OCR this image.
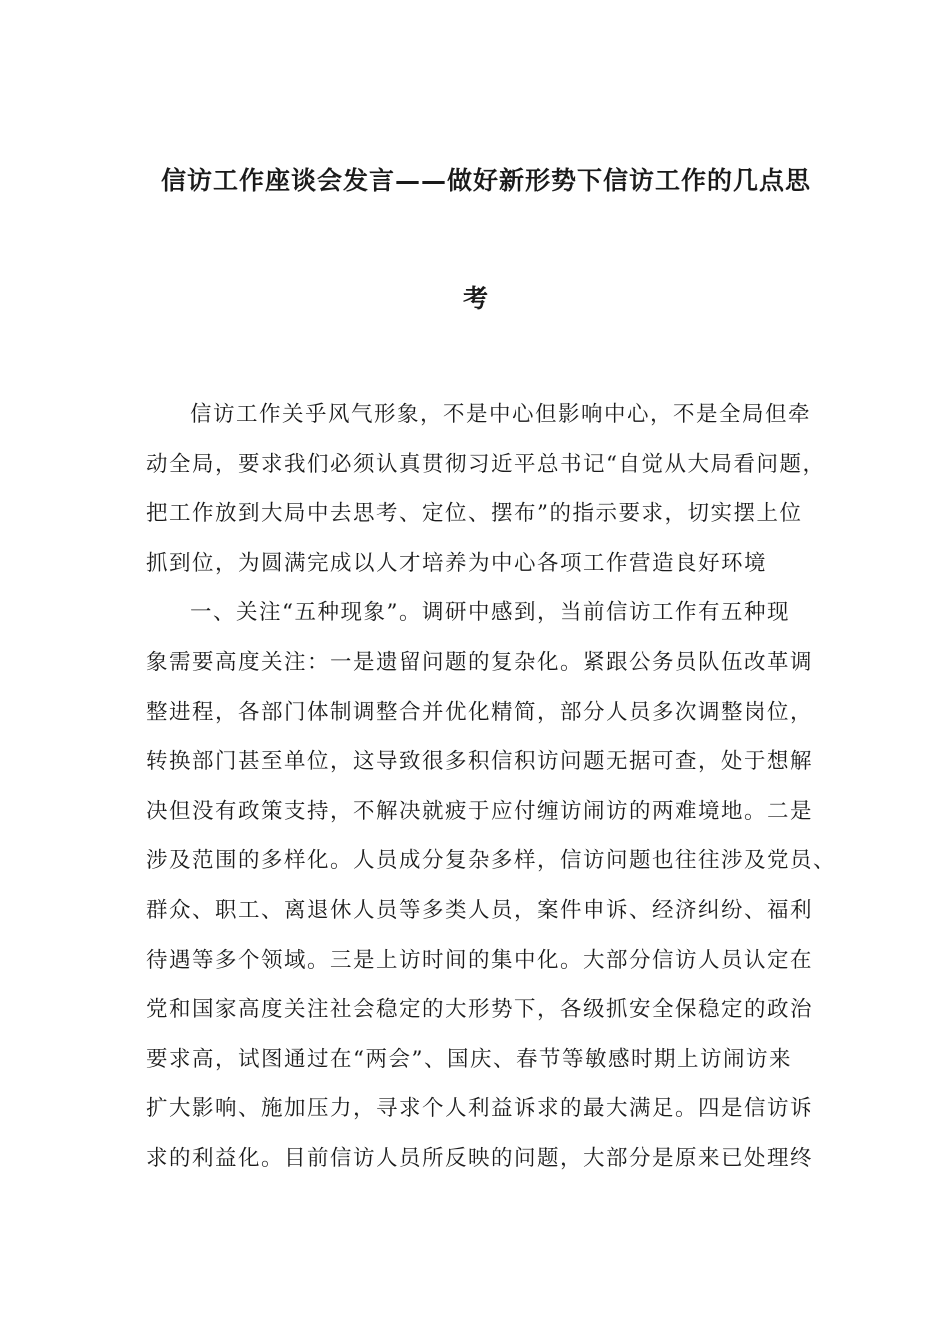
信访工作座谈会发言——做好新形势下信访工作的几点思
考
信访工作关乎风气形象，不是中心但影响中心，不是全局但牵
动全局，要求我们必须认真贯彻习近平总书记“自觉从大局看问题，
把工作放到大局中去思考、定位、摆布”的指示要求，切实摆上位
抓到位，为圆满完成以人才培养为中心各项工作营造良好环境
一、关注“五种现象”。调研中感到，当前信访工作有五种现
象需要高度关注：一是遗留问题的复杂化。紧跟公务员队伍改革调
整进程，各部门体制调整合并优化精简，部分人员多次调整岗位，
转换部门甚至单位，这导致很多积信积访问题无据可查，处于想解
决但没有政策支持，不解决就疲于应付缠访闹访的两难境地。二是
涉及范围的多样化。人员成分复杂多样，信访问题也往往涉及党员、
群众、职工、离退休人员等多类人员，案件申诉、经济纠纷、福利
待遇等多个领域。三是上访时间的集中化。大部分信访人员认定在
党和国家高度关注社会稳定的大形势下，各级抓安全保稳定的政治
要求高，试图通过在“两会”、国庆、春节等敏感时期上访闹访来
扩大影响、施加压力，寻求个人利益诉求的最大满足。四是信访诉
求的利益化。目前信访人员所反映的问题，大部分是原来已处理终
